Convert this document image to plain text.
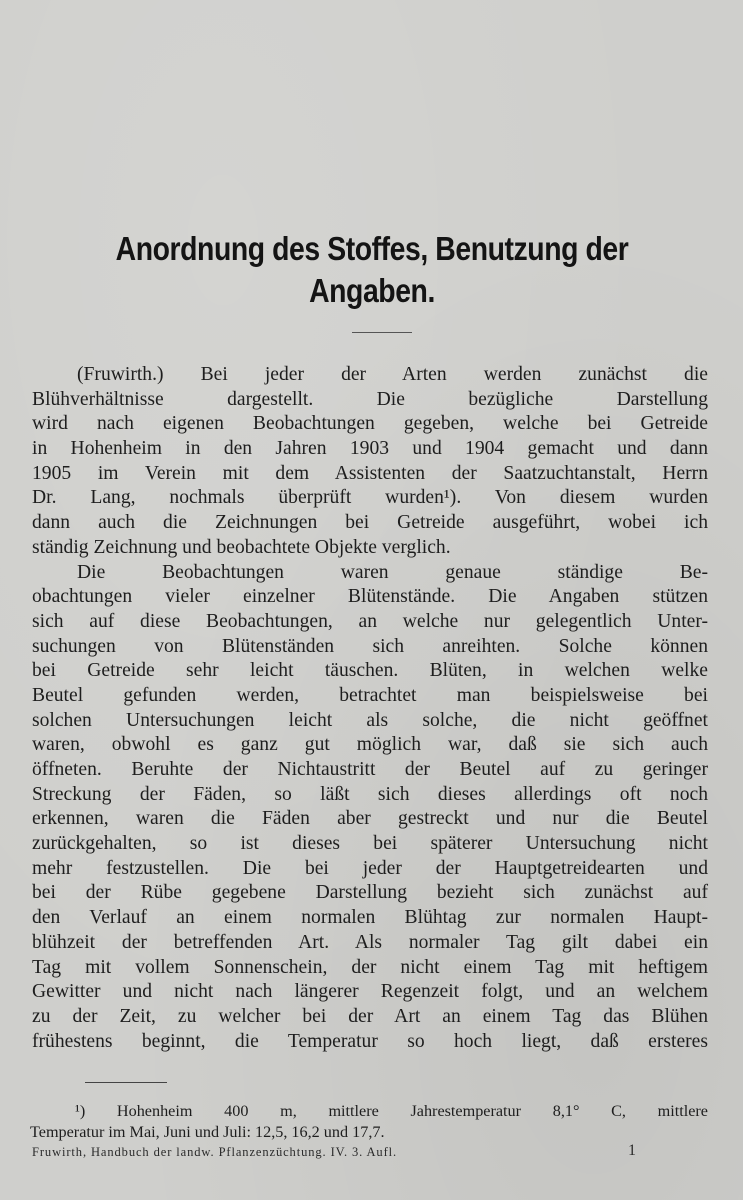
Anordnung des Stoffes, Benutzung der
Angaben.
(Fruwirth.) Bei jeder der Arten werden zunächst die
Blühverhältnisse dargestellt. Die bezügliche Darstellung
wird nach eigenen Beobachtungen gegeben, welche bei Getreide
in Hohenheim in den Jahren 1903 und 1904 gemacht und dann
1905 im Verein mit dem Assistenten der Saatzuchtanstalt, Herrn
Dr. Lang, nochmals überprüft wurden¹). Von diesem wurden
dann auch die Zeichnungen bei Getreide ausgeführt, wobei ich
ständig Zeichnung und beobachtete Objekte verglich.
Die Beobachtungen waren genaue ständige Be-
obachtungen vieler einzelner Blütenstände. Die Angaben stützen
sich auf diese Beobachtungen, an welche nur gelegentlich Unter-
suchungen von Blütenständen sich anreihten. Solche können
bei Getreide sehr leicht täuschen. Blüten, in welchen welke
Beutel gefunden werden, betrachtet man beispielsweise bei
solchen Untersuchungen leicht als solche, die nicht geöffnet
waren, obwohl es ganz gut möglich war, daß sie sich auch
öffneten. Beruhte der Nichtaustritt der Beutel auf zu geringer
Streckung der Fäden, so läßt sich dieses allerdings oft noch
erkennen, waren die Fäden aber gestreckt und nur die Beutel
zurückgehalten, so ist dieses bei späterer Untersuchung nicht
mehr festzustellen. Die bei jeder der Hauptgetreidearten und
bei der Rübe gegebene Darstellung bezieht sich zunächst auf
den Verlauf an einem normalen Blühtag zur normalen Haupt-
blühzeit der betreffenden Art. Als normaler Tag gilt dabei ein
Tag mit vollem Sonnenschein, der nicht einem Tag mit heftigem
Gewitter und nicht nach längerer Regenzeit folgt, und an welchem
zu der Zeit, zu welcher bei der Art an einem Tag das Blühen
frühestens beginnt, die Temperatur so hoch liegt, daß ersteres
¹) Hohenheim 400 m, mittlere Jahrestemperatur 8,1° C, mittlere
Temperatur im Mai, Juni und Juli: 12,5, 16,2 und 17,7.
Fruwirth, Handbuch der landw. Pflanzenzüchtung. IV. 3. Aufl.	1
